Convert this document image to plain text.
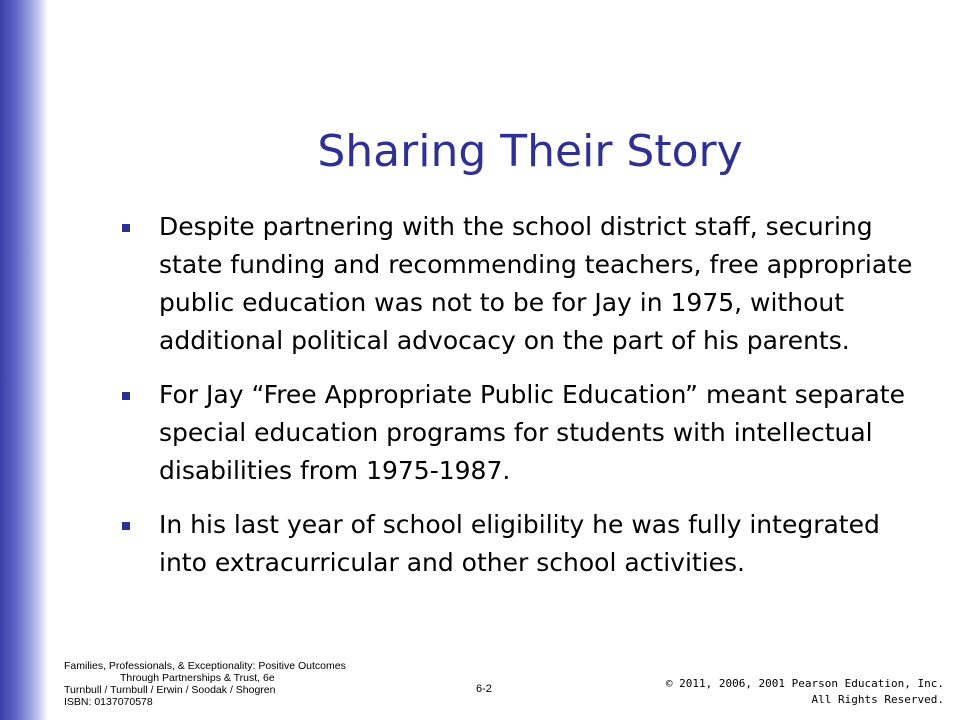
Sharing Their Story
Despite partnering with the school district staff, securing state funding and recommending teachers, free appropriate public education was not to be for Jay in 1975, without additional political advocacy on the part of his parents.
For Jay “Free Appropriate Public Education” meant separate special education programs for students with intellectual disabilities from 1975-1987.
In his last year of school eligibility he was fully integrated into extracurricular and other school activities.
Families, Professionals, & Exceptionality: Positive Outcomes
Through Partnerships & Trust, 6e
Turnbull / Turnbull / Erwin / Soodak / Shogren
ISBN: 0137070578
6-2	© 2011, 2006, 2001 Pearson Education, Inc.
All Rights Reserved.
